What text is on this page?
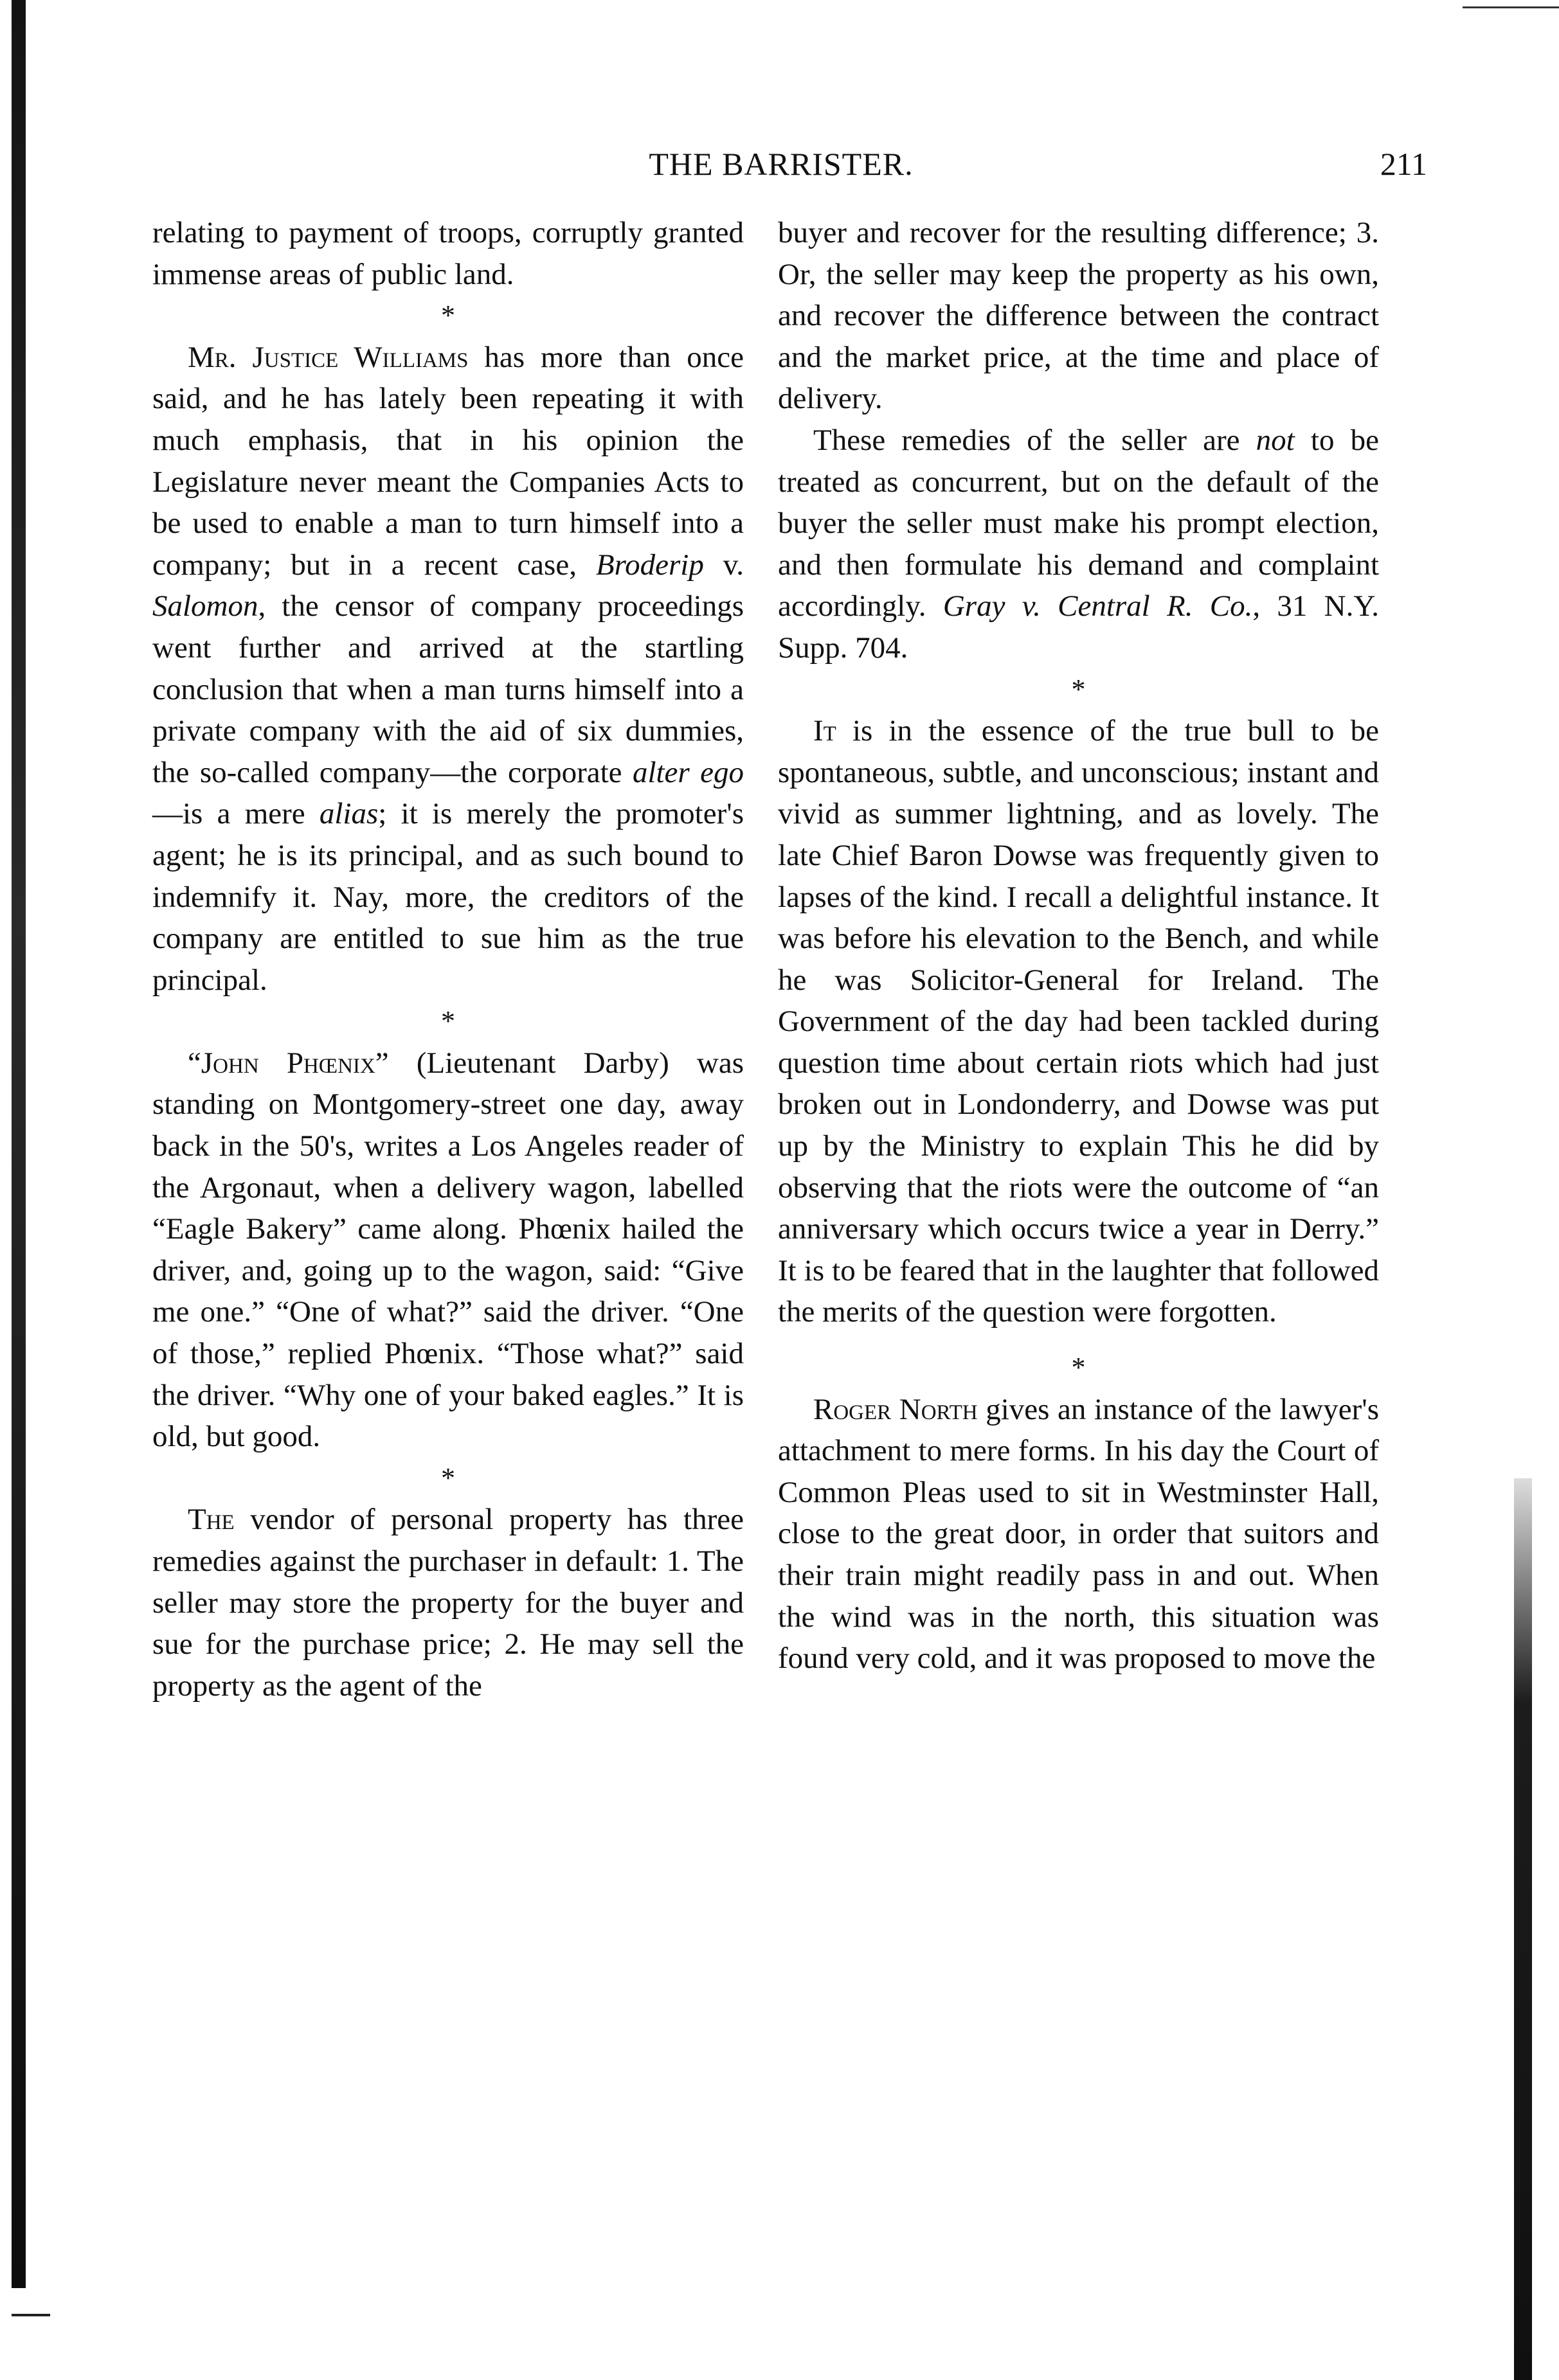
THE BARRISTER.	211

relating to payment of troops, corruptly granted immense areas of public land.

*

Mr. Justice Williams has more than once said, and he has lately been repeating it with much emphasis, that in his opinion the Legislature never meant the Companies Acts to be used to enable a man to turn himself into a company; but in a recent case, Broderip v. Salomon, the censor of company proceedings went further and arrived at the startling conclusion that when a man turns himself into a private company with the aid of six dummies, the so-called company—the corporate alter ego—is a mere alias; it is merely the promoter's agent; he is its principal, and as such bound to indemnify it. Nay, more, the creditors of the company are entitled to sue him as the true principal.

*

“John Phœnix” (Lieutenant Darby) was standing on Montgomery-street one day, away back in the 50's, writes a Los Angeles reader of the Argonaut, when a delivery wagon, labelled “Eagle Bakery” came along. Phœnix hailed the driver, and, going up to the wagon, said: “Give me one.” “One of what?” said the driver. “One of those,” replied Phœnix. “Those what?” said the driver. “Why one of your baked eagles.” It is old, but good.

*

The vendor of personal property has three remedies against the purchaser in default: 1. The seller may store the property for the buyer and sue for the purchase price; 2. He may sell the property as the agent of the

buyer and recover for the resulting difference; 3. Or, the seller may keep the property as his own, and recover the difference between the contract and the market price, at the time and place of delivery.

These remedies of the seller are not to be treated as concurrent, but on the default of the buyer the seller must make his prompt election, and then formulate his demand and complaint accordingly. Gray v. Central R. Co., 31 N.Y. Supp. 704.

*

It is in the essence of the true bull to be spontaneous, subtle, and unconscious; instant and vivid as summer lightning, and as lovely. The late Chief Baron Dowse was frequently given to lapses of the kind. I recall a delightful instance. It was before his elevation to the Bench, and while he was Solicitor-General for Ireland. The Government of the day had been tackled during question time about certain riots which had just broken out in Londonderry, and Dowse was put up by the Ministry to explain This he did by observing that the riots were the outcome of “an anniversary which occurs twice a year in Derry.” It is to be feared that in the laughter that followed the merits of the question were forgotten.

*

Roger North gives an instance of the lawyer's attachment to mere forms. In his day the Court of Common Pleas used to sit in Westminster Hall, close to the great door, in order that suitors and their train might readily pass in and out. When the wind was in the north, this situation was found very cold, and it was proposed to move the
